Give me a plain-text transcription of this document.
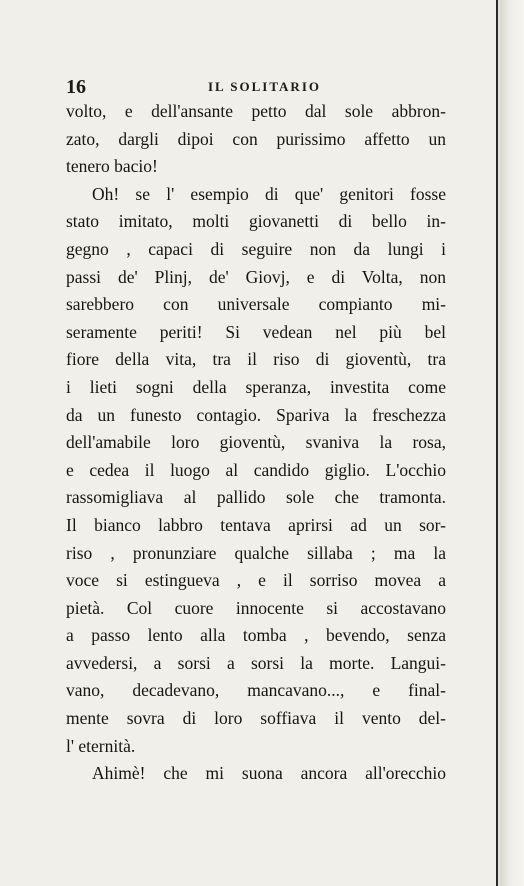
16	IL SOLITARIO
volto, e dell'ansante petto dal sole abbron-
zato, dargli dipoi con purissimo affetto un
tenero bacio!
Oh! se l' esempio di que' genitori fosse
stato imitato, molti giovanetti di bello in-
gegno , capaci di seguire non da lungi i
passi de' Plinj, de' Giovj, e di Volta, non
sarebbero con universale compianto mi-
seramente periti! Si vedean nel più bel
fiore della vita, tra il riso di gioventù, tra
i lieti sogni della speranza, investita come
da un funesto contagio. Spariva la freschezza
dell'amabile loro gioventù, svaniva la rosa,
e cedea il luogo al candido giglio. L'occhio
rassomigliava al pallido sole che tramonta.
Il bianco labbro tentava aprirsi ad un sor-
riso , pronunziare qualche sillaba ; ma la
voce si estingueva , e il sorriso movea a
pietà. Col cuore innocente si accostavano
a passo lento alla tomba , bevendo, senza
avvedersi, a sorsi a sorsi la morte. Langui-
vano, decadevano, mancavano..., e final-
mente sovra di loro soffiava il vento del-
l' eternità.
Ahimè! che mi suona ancora all'orecchio
